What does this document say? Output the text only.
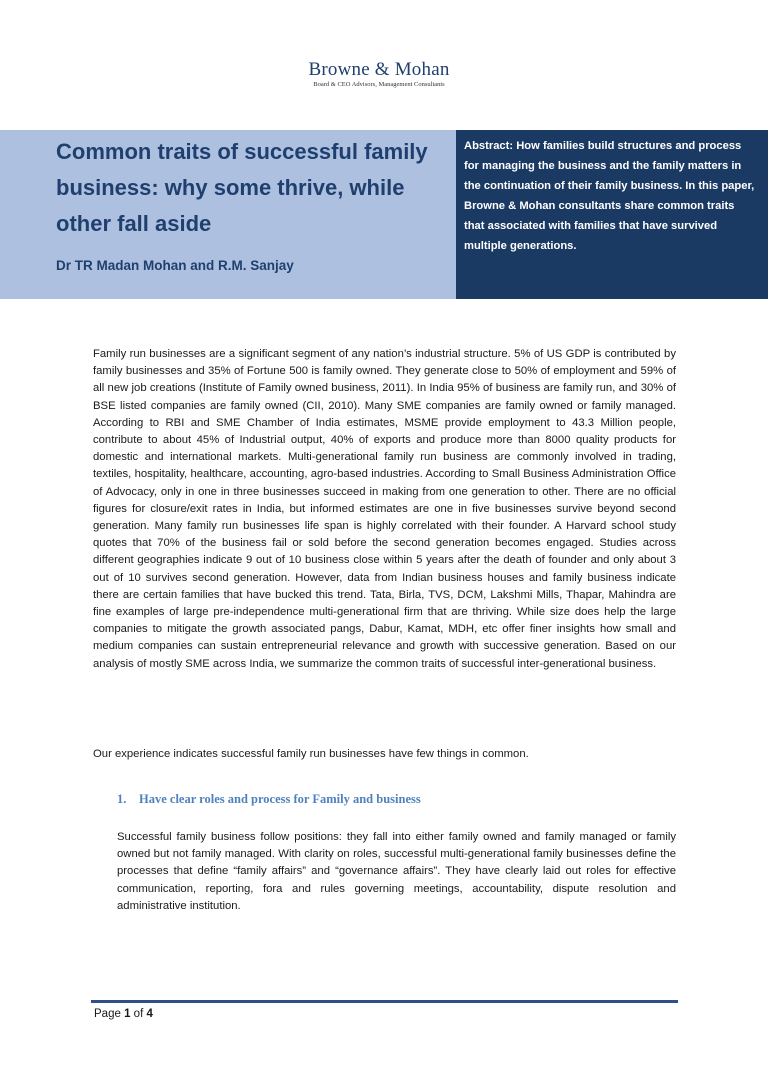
Browne & Mohan
Board & CEO Advisors, Management Consultants
Common traits of successful family business: why some thrive, while other fall aside
Dr TR Madan Mohan and R.M. Sanjay
Abstract: How families build structures and process for managing the business and the family matters in the continuation of their family business. In this paper, Browne & Mohan consultants share common traits that associated with families that have survived multiple generations.
Family run businesses are a significant segment of any nation’s industrial structure. 5% of US GDP is contributed by family businesses and 35% of Fortune 500 is family owned. They generate close to 50% of employment and 59% of all new job creations (Institute of Family owned business, 2011). In India 95% of business are family run, and 30% of BSE listed companies are family owned (CII, 2010). Many SME companies are family owned or family managed. According to RBI and SME Chamber of India estimates, MSME provide employment to 43.3 Million people, contribute to about 45% of Industrial output, 40% of exports and produce more than 8000 quality products for domestic and international markets. Multi-generational family run business are commonly involved in trading, textiles, hospitality, healthcare, accounting, agro-based industries. According to Small Business Administration Office of Advocacy, only in one in three businesses succeed in making from one generation to other. There are no official figures for closure/exit rates in India, but informed estimates are one in five businesses survive beyond second generation. Many family run businesses life span is highly correlated with their founder. A Harvard school study quotes that 70% of the business fail or sold before the second generation becomes engaged. Studies across different geographies indicate 9 out of 10 business close within 5 years after the death of founder and only about 3 out of 10 survives second generation. However, data from Indian business houses and family business indicate there are certain families that have bucked this trend. Tata, Birla, TVS, DCM, Lakshmi Mills, Thapar, Mahindra are fine examples of large pre-independence multi-generational firm that are thriving. While size does help the large companies to mitigate the growth associated pangs, Dabur, Kamat, MDH, etc offer finer insights how small and medium companies can sustain entrepreneurial relevance and growth with successive generation. Based on our analysis of mostly SME across India, we summarize the common traits of successful inter-generational business.
Our experience indicates successful family run businesses have few things in common.
1. Have clear roles and process for Family and business
Successful family business follow positions: they fall into either family owned and family managed or family owned but not family managed. With clarity on roles, successful multi-generational family businesses define the processes that define “family affairs” and “governance affairs”. They have clearly laid out roles for effective communication, reporting, fora and rules governing meetings, accountability, dispute resolution and administrative institution.
Page 1 of 4
